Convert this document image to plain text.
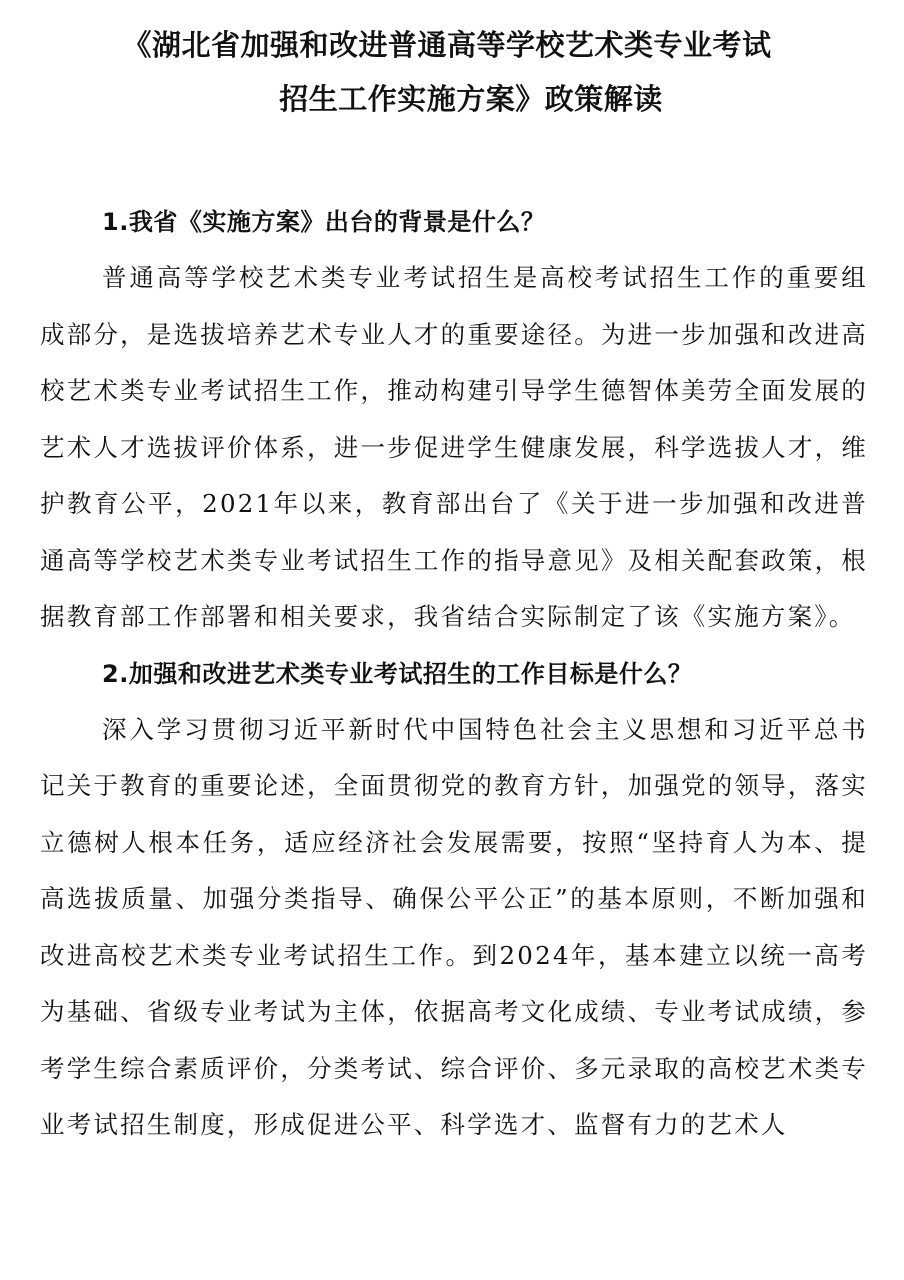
《湖北省加强和改进普通高等学校艺术类专业考试
招生工作实施方案》政策解读
1.我省《实施方案》出台的背景是什么？

普通高等学校艺术类专业考试招生是高校考试招生工作的重要组成部分，是选拔培养艺术专业人才的重要途径。为进一步加强和改进高校艺术类专业考试招生工作，推动构建引导学生德智体美劳全面发展的艺术人才选拔评价体系，进一步促进学生健康发展，科学选拔人才，维护教育公平，2021年以来，教育部出台了《关于进一步加强和改进普通高等学校艺术类专业考试招生工作的指导意见》及相关配套政策，根据教育部工作部署和相关要求，我省结合实际制定了该《实施方案》。

2.加强和改进艺术类专业考试招生的工作目标是什么？

深入学习贯彻习近平新时代中国特色社会主义思想和习近平总书记关于教育的重要论述，全面贯彻党的教育方针，加强党的领导，落实立德树人根本任务，适应经济社会发展需要，按照“坚持育人为本、提高选拔质量、加强分类指导、确保公平公正”的基本原则，不断加强和改进高校艺术类专业考试招生工作。到2024年，基本建立以统一高考为基础、省级专业考试为主体，依据高考文化成绩、专业考试成绩，参考学生综合素质评价，分类考试、综合评价、多元录取的高校艺术类专业考试招生制度，形成促进公平、科学选才、监督有力的艺术人
